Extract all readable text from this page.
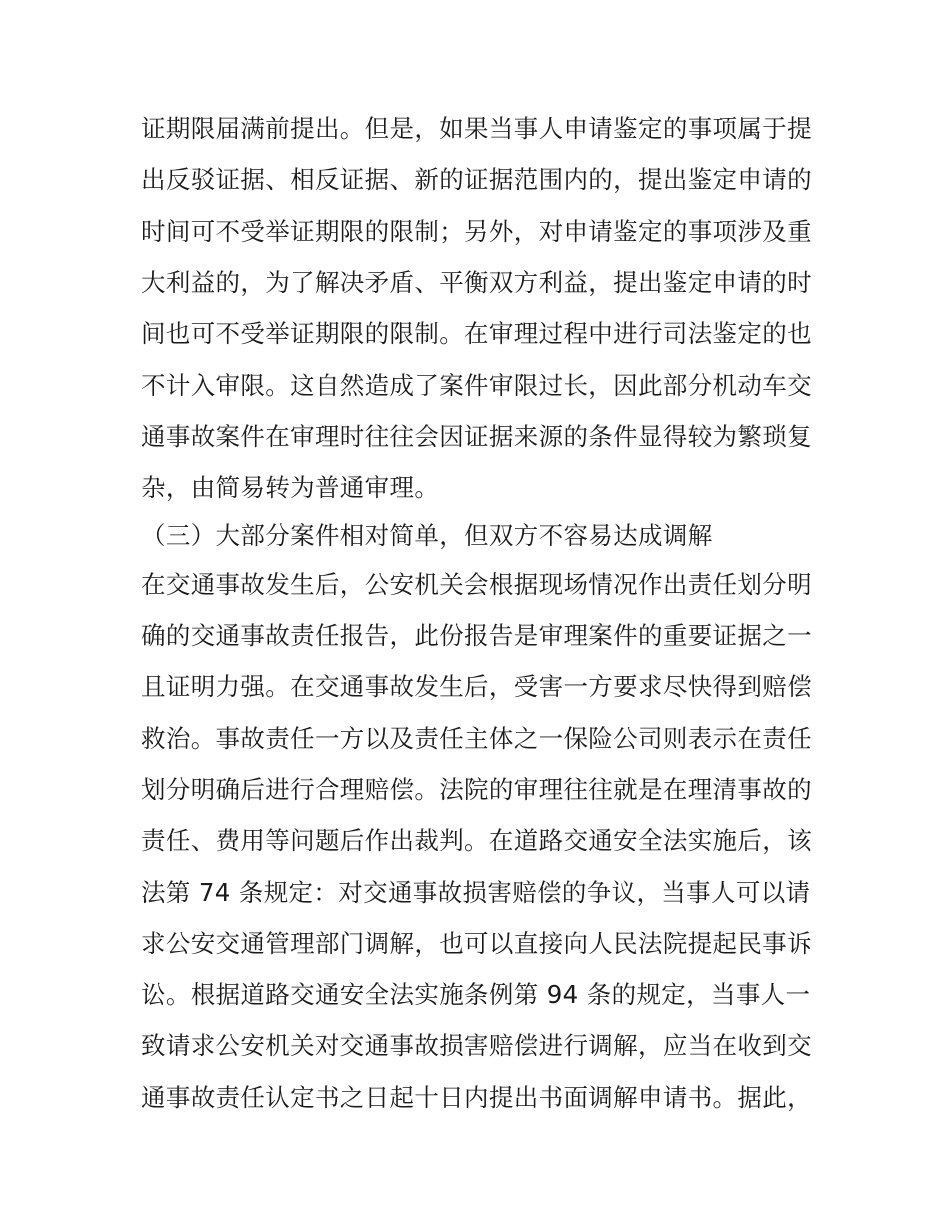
证期限届满前提出。但是，如果当事人申请鉴定的事项属于提
出反驳证据、相反证据、新的证据范围内的，提出鉴定申请的
时间可不受举证期限的限制；另外，对申请鉴定的事项涉及重
大利益的，为了解决矛盾、平衡双方利益，提出鉴定申请的时
间也可不受举证期限的限制。在审理过程中进行司法鉴定的也
不计入审限。这自然造成了案件审限过长，因此部分机动车交
通事故案件在审理时往往会因证据来源的条件显得较为繁琐复
杂，由简易转为普通审理。
（三）大部分案件相对简单，但双方不容易达成调解
在交通事故发生后，公安机关会根据现场情况作出责任划分明
确的交通事故责任报告，此份报告是审理案件的重要证据之一
且证明力强。在交通事故发生后，受害一方要求尽快得到赔偿
救治。事故责任一方以及责任主体之一保险公司则表示在责任
划分明确后进行合理赔偿。法院的审理往往就是在理清事故的
责任、费用等问题后作出裁判。在道路交通安全法实施后，该
法第 74 条规定：对交通事故损害赔偿的争议，当事人可以请
求公安交通管理部门调解，也可以直接向人民法院提起民事诉
讼。根据道路交通安全法实施条例第 94 条的规定，当事人一
致请求公安机关对交通事故损害赔偿进行调解，应当在收到交
通事故责任认定书之日起十日内提出书面调解申请书。据此，
